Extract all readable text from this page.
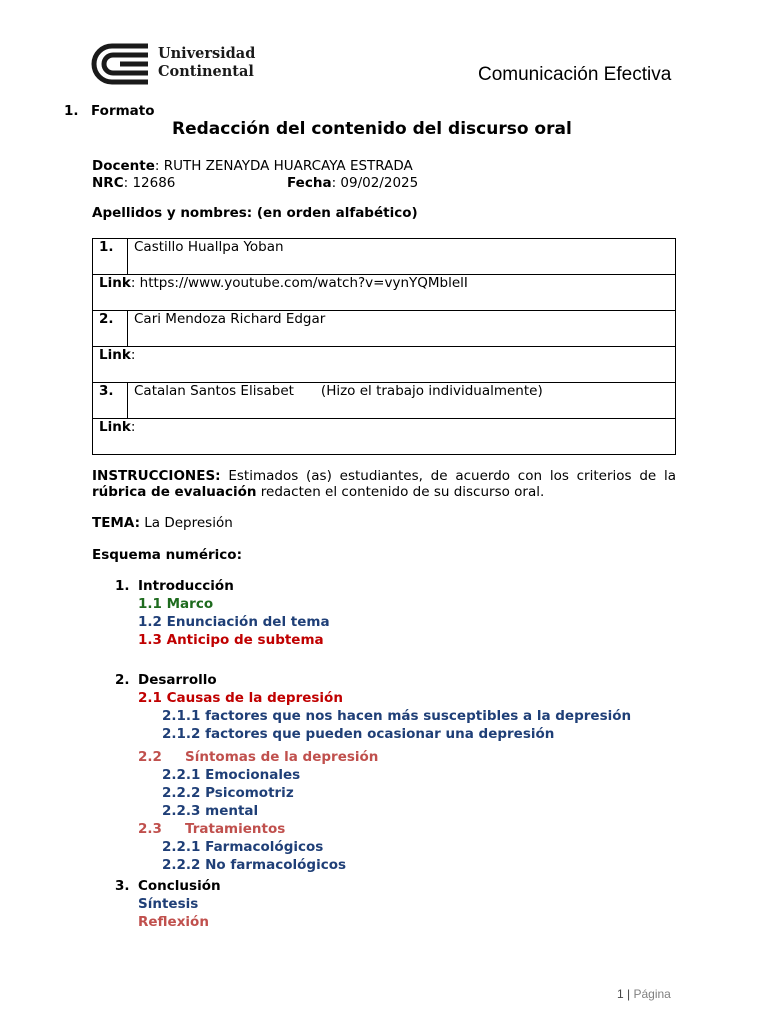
Universidad
Continental	Comunicación Efectiva
1. Formato
Redacción del contenido del discurso oral
Docente: RUTH ZENAYDA HUARCAYA ESTRADA
NRC: 12686	Fecha: 09/02/2025
Apellidos y nombres: (en orden alfabético)
1.	Castillo Huallpa Yoban
Link: https://www.youtube.com/watch?v=vynYQMblelI	
2.	Cari Mendoza Richard Edgar
Link:	
3.	Catalan Santos Elisabet (Hizo el trabajo individualmente)
Link:	
INSTRUCCIONES: Estimados (as) estudiantes, de acuerdo con los criterios de la rúbrica de evaluación redacten el contenido de su discurso oral.
TEMA: La Depresión
Esquema numérico:
1. Introducción
1.1 Marco
1.2 Enunciación del tema
1.3 Anticipo de subtema
2. Desarrollo
2.1 Causas de la depresión
2.1.1 factores que nos hacen más susceptibles a la depresión
2.1.2 factores que pueden ocasionar una depresión
2.2 Síntomas de la depresión
2.2.1 Emocionales
2.2.2 Psicomotriz
2.2.3 mental
2.3 Tratamientos
2.2.1 Farmacológicos
2.2.2 No farmacológicos
3. Conclusión
Síntesis
Reflexión
1 | Página
